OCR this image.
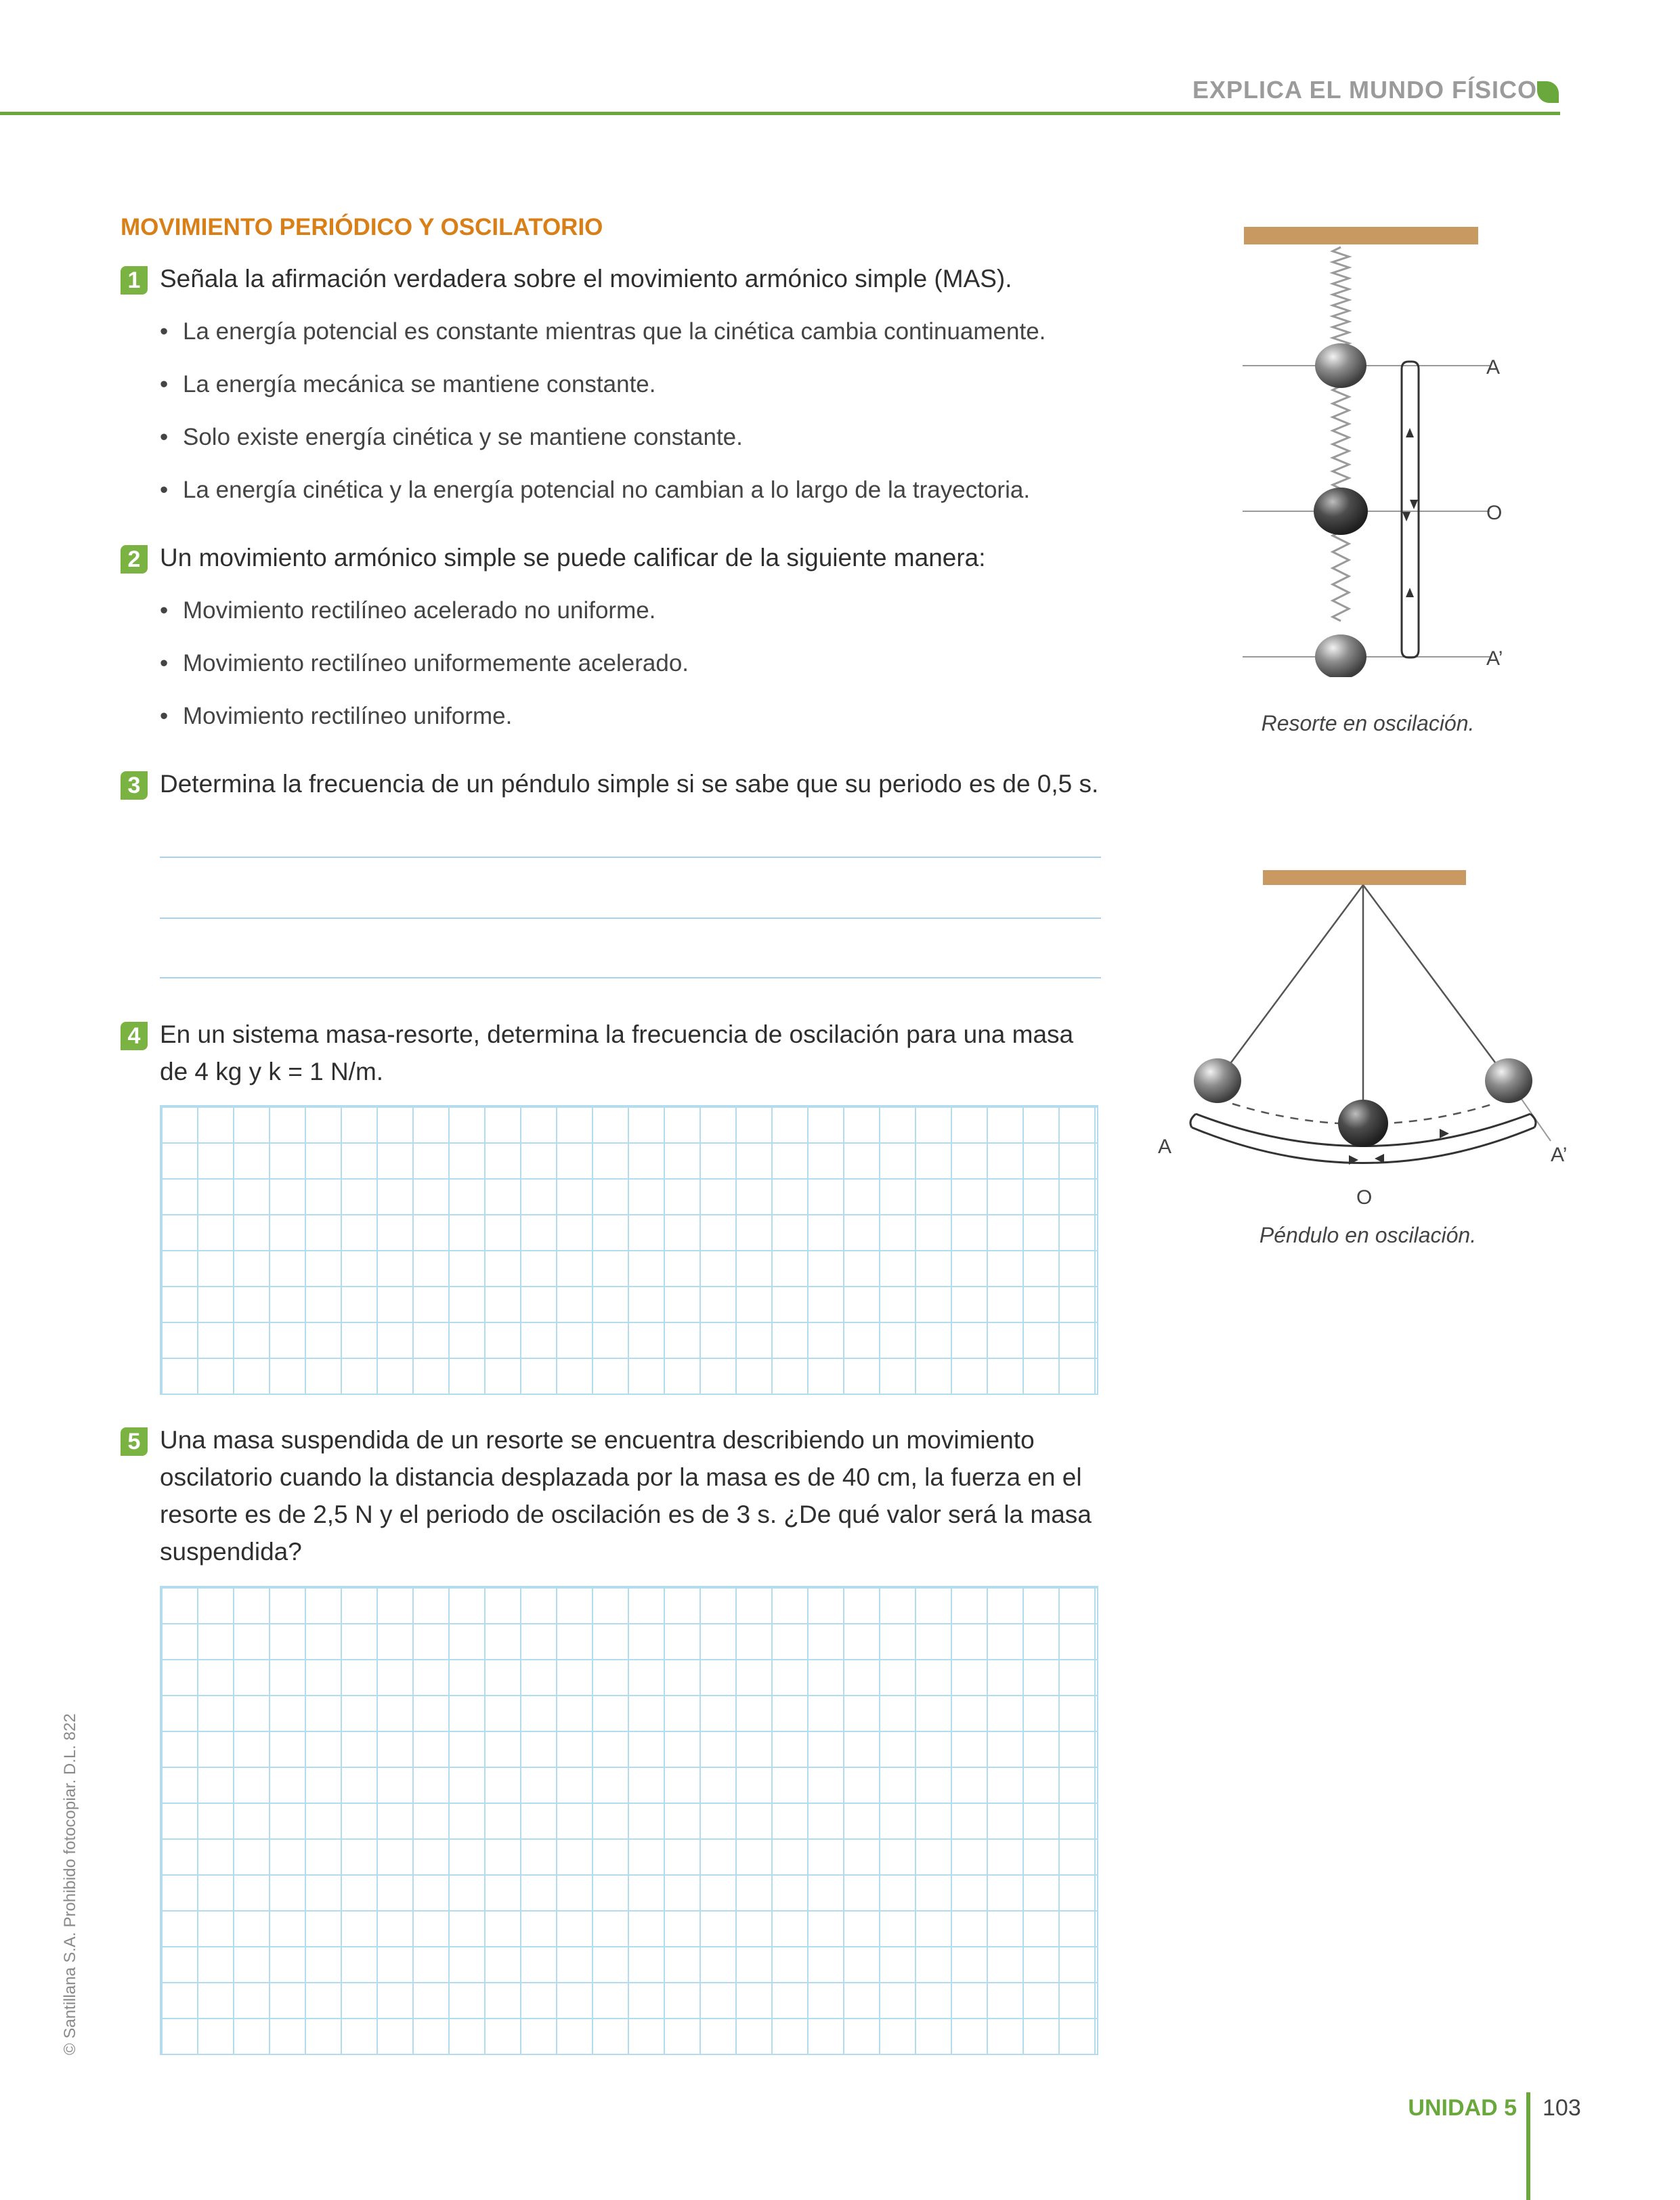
EXPLICA EL MUNDO FÍSICO
MOVIMIENTO PERIÓDICO Y OSCILATORIO
1 Señala la afirmación verdadera sobre el movimiento armónico simple (MAS).
• La energía potencial es constante mientras que la cinética cambia continuamente.
• La energía mecánica se mantiene constante.
• Solo existe energía cinética y se mantiene constante.
• La energía cinética y la energía potencial no cambian a lo largo de la trayectoria.
2 Un movimiento armónico simple se puede calificar de la siguiente manera:
• Movimiento rectilíneo acelerado no uniforme.
• Movimiento rectilíneo uniformemente acelerado.
• Movimiento rectilíneo uniforme.
3 Determina la frecuencia de un péndulo simple si se sabe que su periodo es de 0,5 s.
4 En un sistema masa-resorte, determina la frecuencia de oscilación para una masa
de 4 kg y k = 1 N/m.
5 Una masa suspendida de un resorte se encuentra describiendo un movimiento
oscilatorio cuando la distancia desplazada por la masa es de 40 cm, la fuerza en el
resorte es de 2,5 N y el periodo de oscilación es de 3 s. ¿De qué valor será la masa
suspendida?
A
O
A’
Resorte en oscilación.
A	A’
O
Péndulo en oscilación.
© Santillana S.A. Prohibido fotocopiar. D.L. 822
UNIDAD 5 103
